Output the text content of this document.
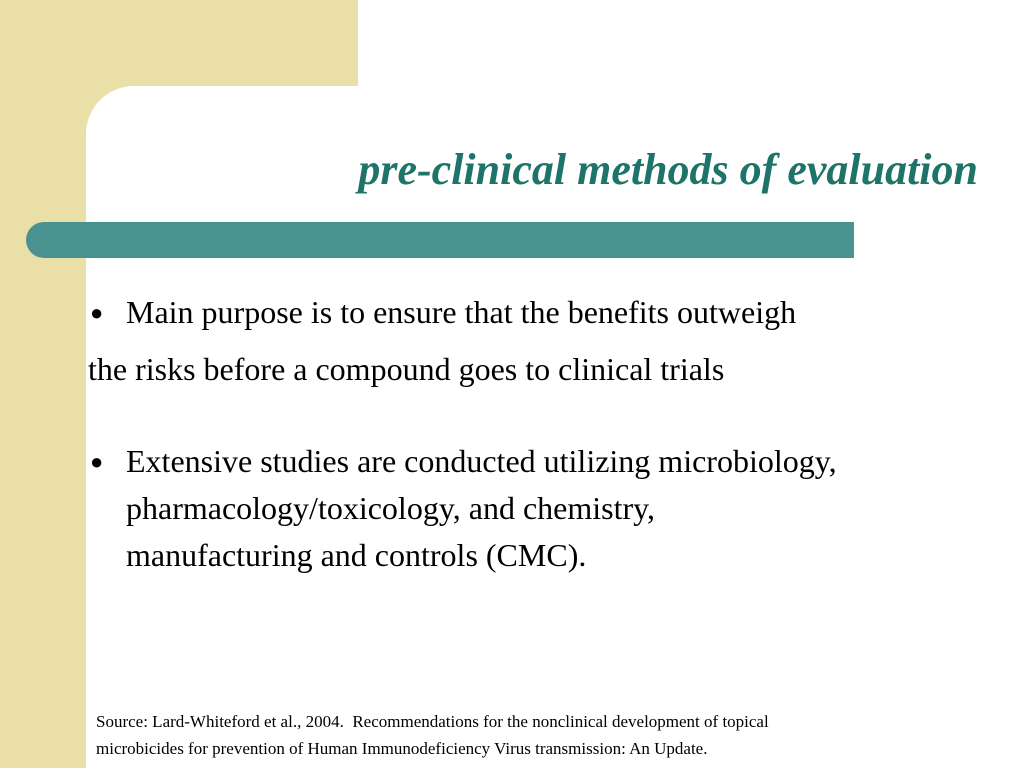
pre-clinical methods of evaluation
● Main purpose is to ensure that the benefits outweigh

the risks before a compound goes to clinical trials

● Extensive studies are conducted utilizing microbiology,

pharmacology/toxicology, and chemistry,

manufacturing and controls (CMC).

Source: Lard-Whiteford et al., 2004.  Recommendations for the nonclinical development of topical
microbicides for prevention of Human Immunodeficiency Virus transmission: An Update.
